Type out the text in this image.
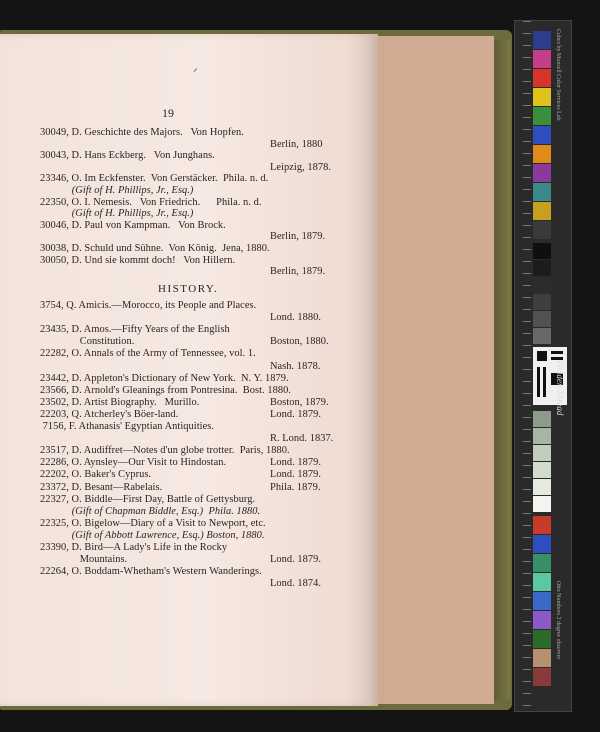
ᐟ
19
30049, D. Geschichte des Majors.   Von Hopfen.
Berlin, 1880
30043, D. Hans Eckberg.   Von Junghans.
Leipzig, 1878.
23346, O. Im Eckfenster.  Von Gerstäcker.  Phila. n. d.
(Gift of H. Phillips, Jr., Esq.)
22350, O. I. Nemesis.   Von Friedrich.      Phila. n. d.
(Gift of H. Phillips, Jr., Esq.)
30046, D. Paul von Kampman.   Von Brock.
Berlin, 1879.
30038, D. Schuld und Sühne.  Von König.  Jena, 1880.
30050, D. Und sie kommt doch!   Von Hillern.
Berlin, 1879.
HISTORY.
3754, Q. Amicis.—Morocco, its People and Places.
Lond. 1880.
23435, D. Amos.—Fifty Years of the English
Constitution.	Boston, 1880.
22282, O. Annals of the Army of Tennessee, vol. 1.
Nash. 1878.
23442, D. Appleton's Dictionary of New York.  N. Y. 1879.
23566, D. Arnold's Gleanings from Pontresina.  Bost. 1880.
23502, D. Artist Biography.   Murillo.	Boston, 1879.
22203, Q. Atcherley's Böer-land.	Lond. 1879.
7156, F. Athanasis' Egyptian Antiquities.
R. Lond. 1837.
23517, D. Audiffret—Notes d'un globe trotter.  Paris, 1880.
22286, O. Aynsley—Our Visit to Hindostan.	Lond. 1879.
22202, O. Baker's Cyprus.	Lond. 1879.
23372, D. Besant—Rabelais.	Phila. 1879.
22327, O. Biddle—First Day, Battle of Gettysburg.
(Gift of Chapman Biddle, Esq.)  Phila. 1880.
22325, O. Bigelow—Diary of a Visit to Newport, etc.
(Gift of Abbott Lawrence, Esq.) Boston, 1880.
23390, D. Bird—A Lady's Life in the Rocky
Mountains.	Lond. 1879.
22264, O. Boddam-Whetham's Western Wanderings.
Lond. 1874.
Cubes by Munsell Color Services Lab
Golden Thread
Otto Numbers 2 degree observer
